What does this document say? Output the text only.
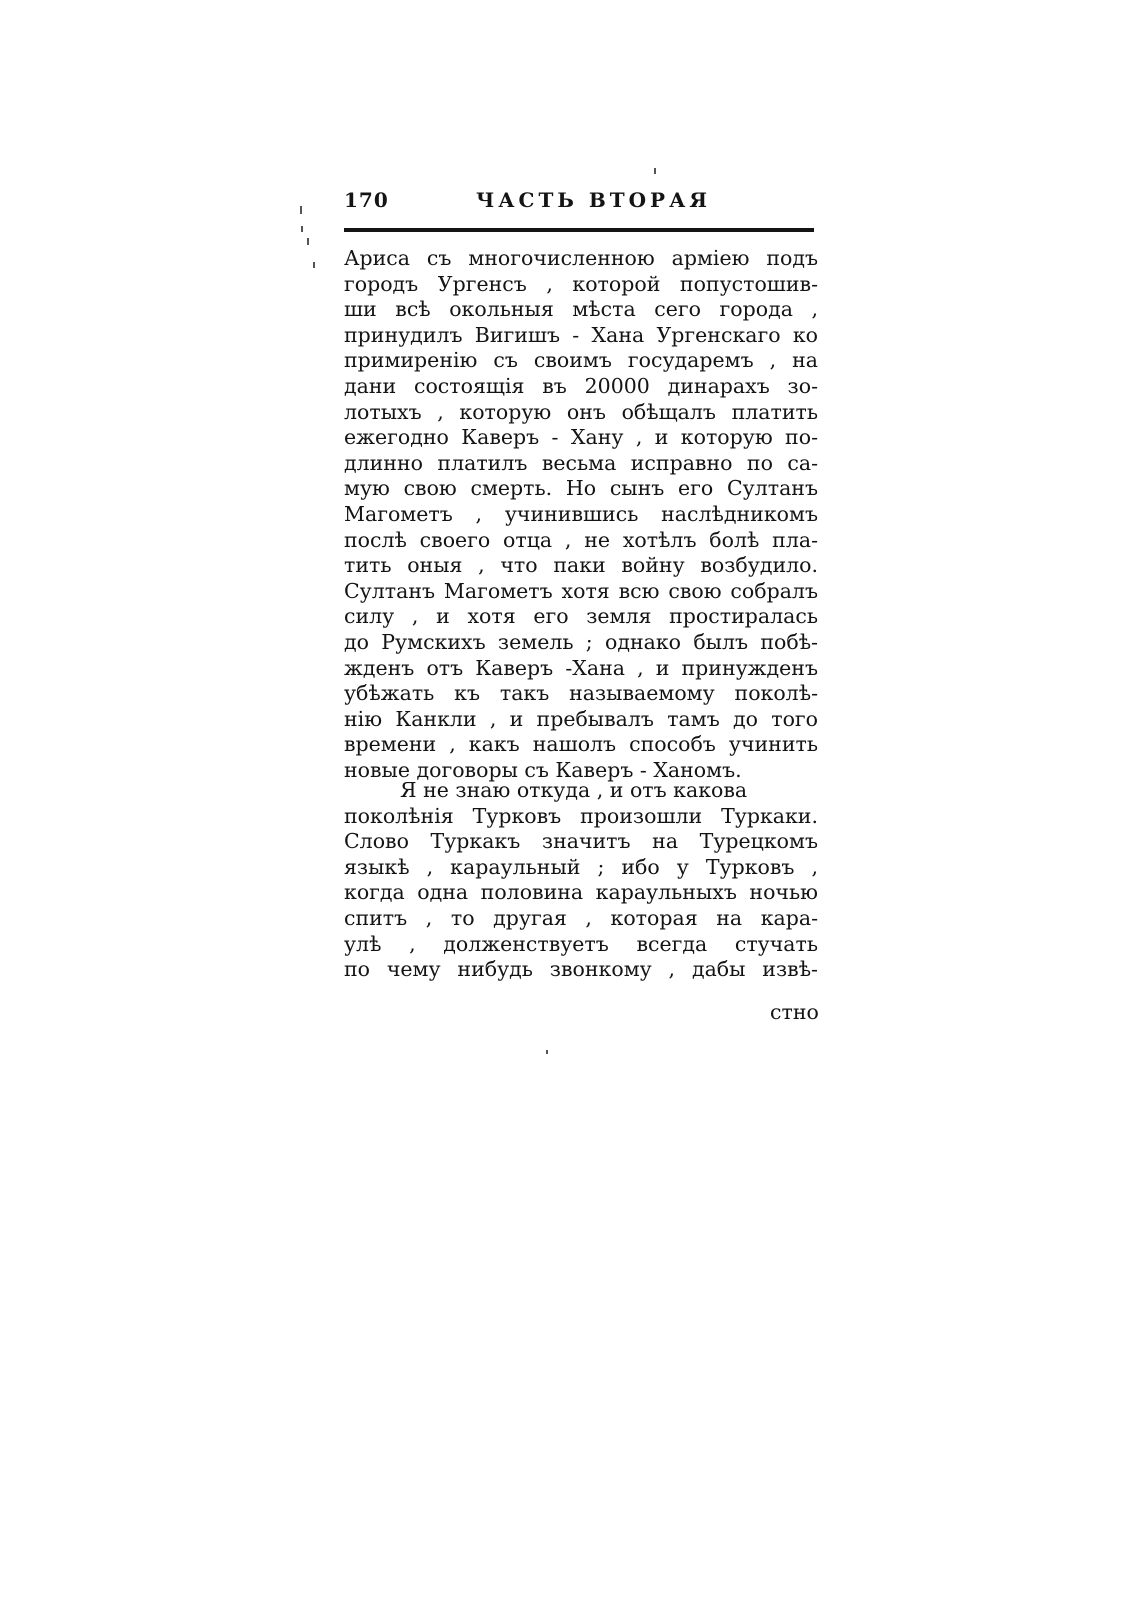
170	ЧАСТЬ ВТОРАЯ
Ариса съ многочисленною армiею подъ
городъ Ургенсъ , которой попустошив-
ши всѣ окольныя мѣста сего города ,
принудилъ Вигишъ - Хана Ургенскаго ко
примиренiю съ своимъ государемъ , на
дани состоящiя въ 20000 динарахъ зо-
лотыхъ , которую онъ обѣщалъ платить
ежегодно Каверъ - Хану , и которую по-
длинно платилъ весьма исправно по са-
мую свою смерть. Но сынъ его Султанъ
Магометъ , учинившись наслѣдникомъ
послѣ своего отца , не хотѣлъ болѣ пла-
тить оныя , что паки войну возбудило.
Султанъ Магометъ хотя всю свою собралъ
силу , и хотя его земля простиралась
до Румскихъ земель ; однако былъ побѣ-
жденъ отъ Каверъ -Хана , и принужденъ
убѣжать къ такъ называемому поколѣ-
нiю Канкли , и пребывалъ тамъ до того
времени , какъ нашолъ способъ учинить
новые договоры съ Каверъ - Ханомъ.
Я не знаю откуда , и отъ какова
поколѣнiя Турковъ произошли Туркаки.
Слово Туркакъ значитъ на Турецкомъ
языкѣ , караульный ; ибо у Турковъ ,
когда одна половина караульныхъ ночью
спитъ , то другая , которая на кара-
улѣ , долженствуетъ всегда стучать
по чему нибудь звонкому , дабы извѣ-
стно
